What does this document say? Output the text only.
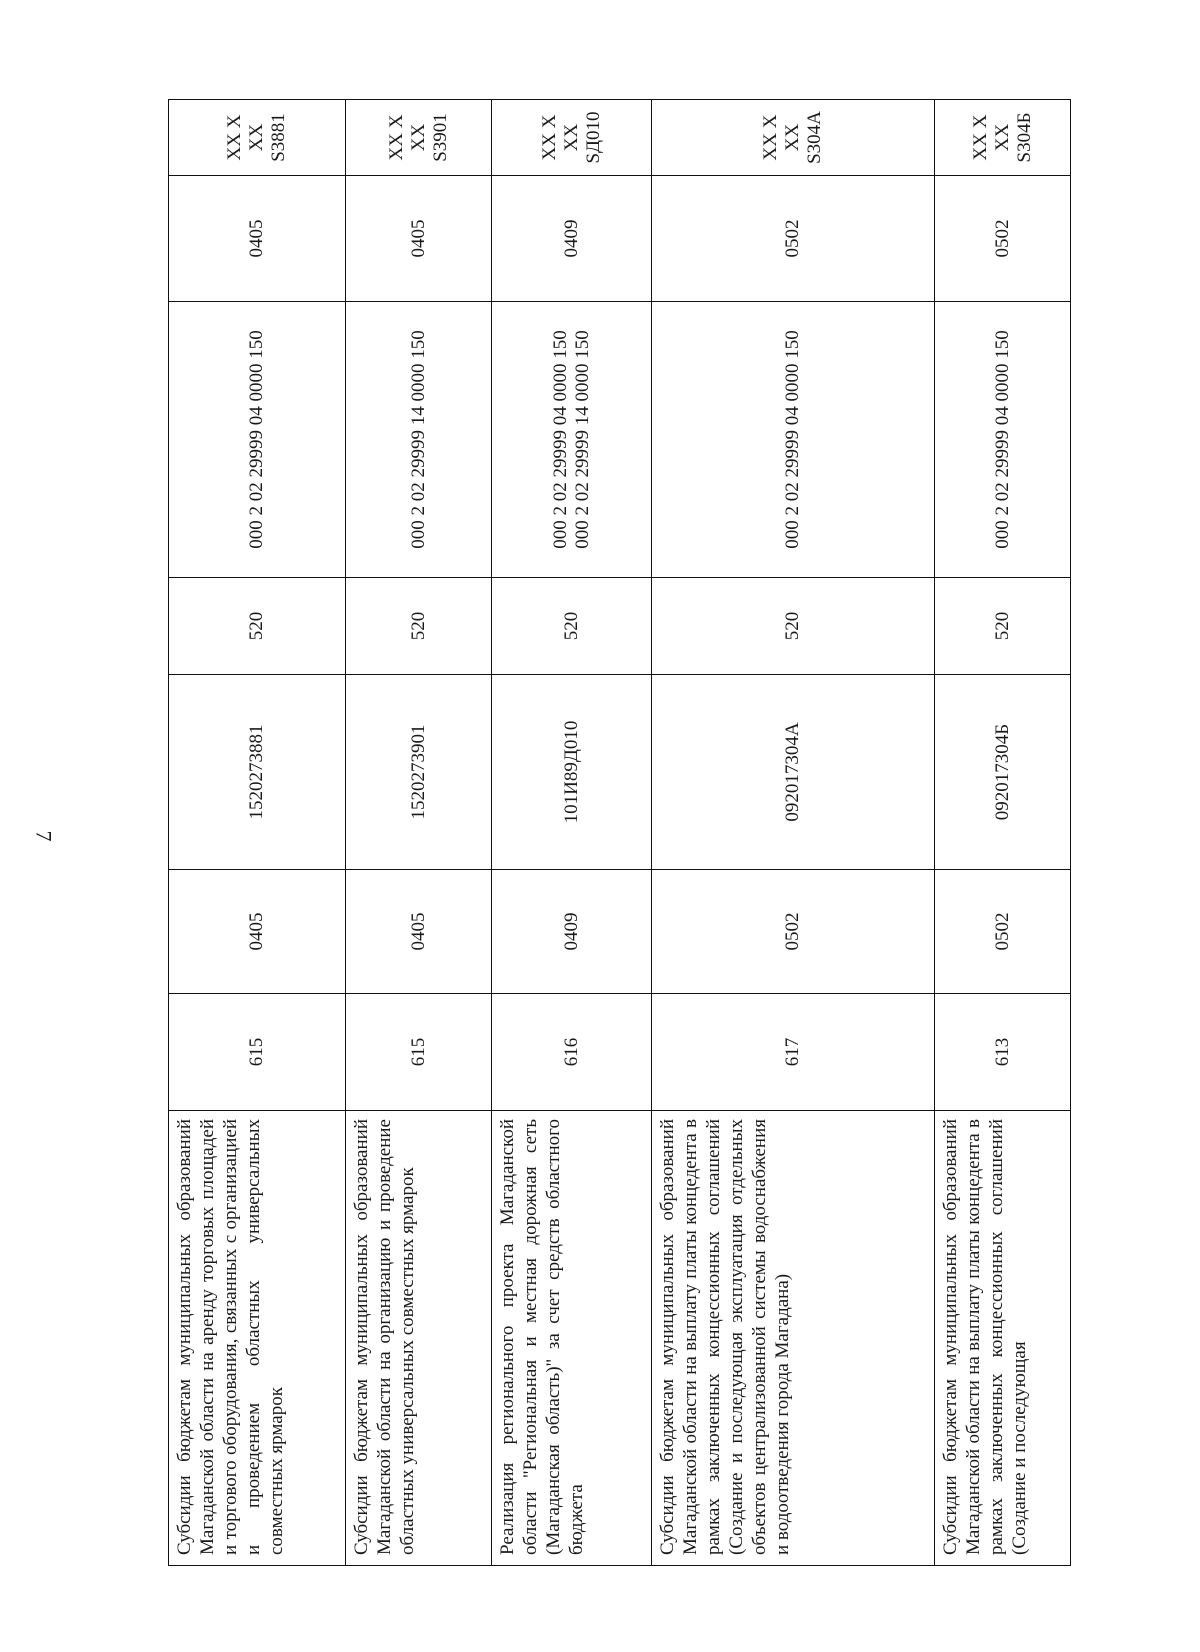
7
Субсидии бюджетам муниципальных образований Магаданской области на аренду торговых площадей и торгового оборудования, связанных с организацией и проведением областных универсальных совместных ярмарок	615	0405	1520273881	520	000 2 02 29999 04 0000 150	0405	XX X XX S3881
Субсидии бюджетам муниципальных образований Магаданской области на организацию и проведение областных универсальных совместных ярмарок	615	0405	1520273901	520	000 2 02 29999 14 0000 150	0405	XX X XX S3901
Реализация регионального проекта Магаданской области "Региональная и местная дорожная сеть (Магаданская область)" за счет средств областного бюджета	616	0409	101И89Д010	520	000 2 02 29999 04 0000 150 000 2 02 29999 14 0000 150	0409	XX X XX SД010
Субсидии бюджетам муниципальных образований Магаданской области на выплату платы концедента в рамках заключенных концессионных соглашений (Создание и последующая эксплуатация отдельных объектов централизованной системы водоснабжения и водоотведения города Магадана)	617	0502	092017304А	520	000 2 02 29999 04 0000 150	0502	XX X XX S304А
Субсидии бюджетам муниципальных образований Магаданской области на выплату платы концедента в рамках заключенных концессионных соглашений (Создание и последующая	613	0502	092017304Б	520	000 2 02 29999 04 0000 150	0502	XX X XX S304Б
